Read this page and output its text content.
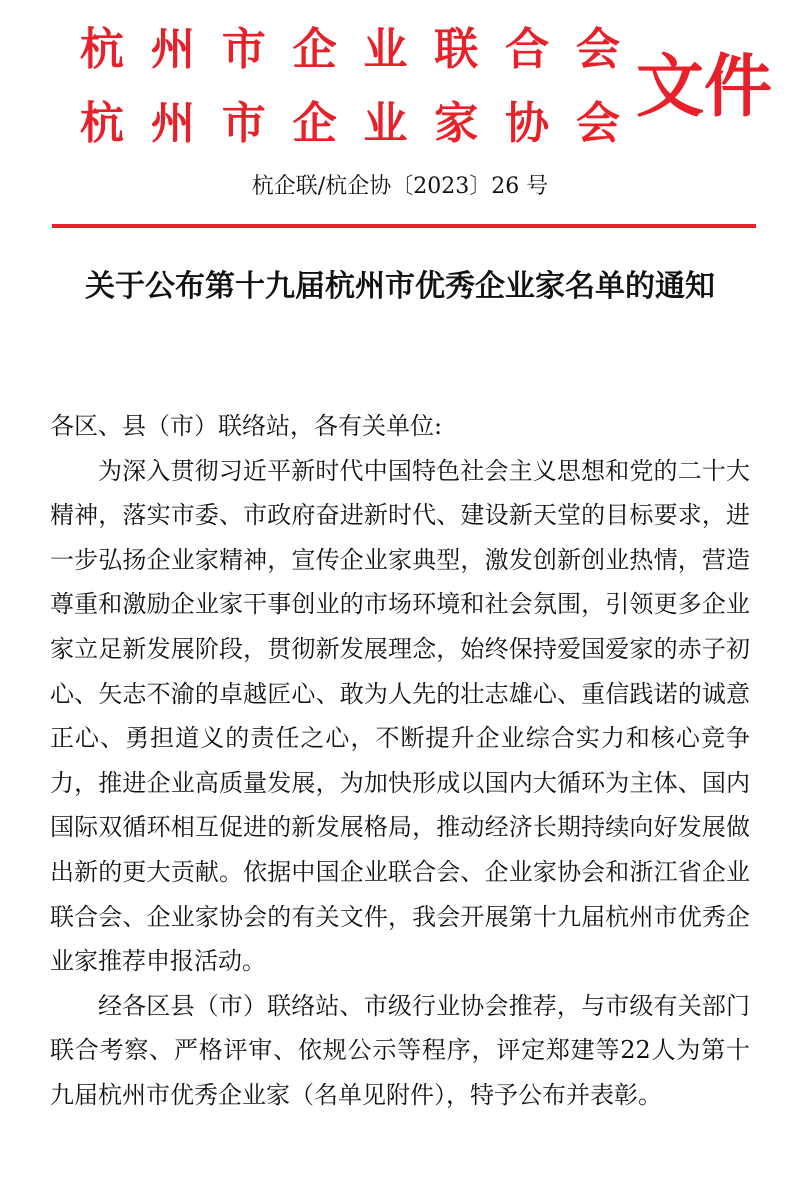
杭州市企业联合会
杭州市企业家协会 文件
杭企联/杭企协〔2023〕26 号
关于公布第十九届杭州市优秀企业家名单的通知

各区、县（市）联络站，各有关单位:

为深入贯彻习近平新时代中国特色社会主义思想和党的二十大精神，落实市委、市政府奋进新时代、建设新天堂的目标要求，进一步弘扬企业家精神，宣传企业家典型，激发创新创业热情，营造尊重和激励企业家干事创业的市场环境和社会氛围，引领更多企业家立足新发展阶段，贯彻新发展理念，始终保持爱国爱家的赤子初心、矢志不渝的卓越匠心、敢为人先的壮志雄心、重信践诺的诚意正心、勇担道义的责任之心，不断提升企业综合实力和核心竞争力，推进企业高质量发展，为加快形成以国内大循环为主体、国内国际双循环相互促进的新发展格局，推动经济长期持续向好发展做出新的更大贡献。依据中国企业联合会、企业家协会和浙江省企业联合会、企业家协会的有关文件，我会开展第十九届杭州市优秀企业家推荐申报活动。

经各区县（市）联络站、市级行业协会推荐，与市级有关部门联合考察、严格评审、依规公示等程序，评定郑建等22人为第十九届杭州市优秀企业家（名单见附件），特予公布并表彰。
